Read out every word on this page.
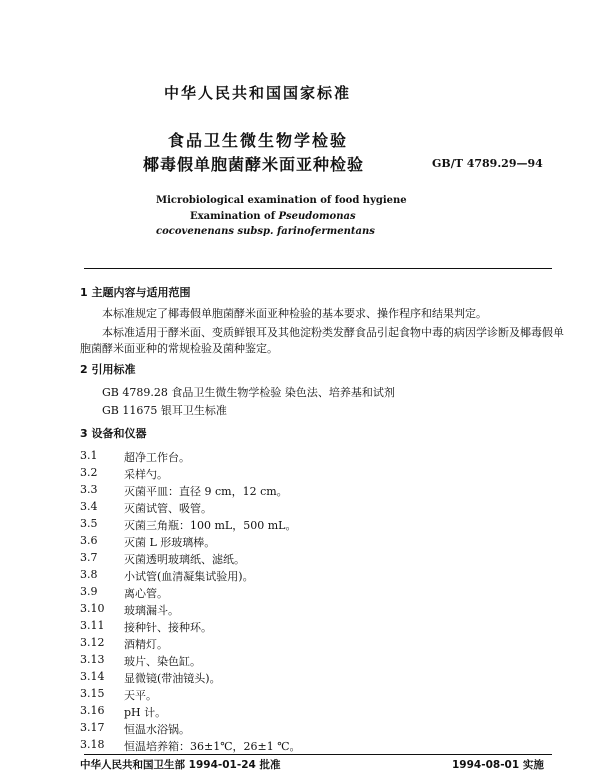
中华人民共和国国家标准
食品卫生微生物学检验
椰毒假单胞菌酵米面亚种检验	GB/T 4789.29—94
Microbiological examination of food hygiene
Examination of Pseudomonas
cocovenenans subsp. farinofermentans
1 主题内容与适用范围
本标准规定了椰毒假单胞菌酵米面亚种检验的基本要求、操作程序和结果判定。
本标准适用于酵米面、变质鲜银耳及其他淀粉类发酵食品引起食物中毒的病因学诊断及椰毒假单
胞菌酵米面亚种的常规检验及菌种鉴定。
2 引用标准
GB 4789.28 食品卫生微生物学检验 染色法、培养基和试剂
GB 11675 银耳卫生标准
3 设备和仪器
3.1 超净工作台。
3.2 采样勺。
3.3 灭菌平皿：直径 9 cm，12 cm。
3.4 灭菌试管、吸管。
3.5 灭菌三角瓶：100 mL，500 mL。
3.6 灭菌 L 形玻璃棒。
3.7 灭菌透明玻璃纸、滤纸。
3.8 小试管(血清凝集试验用)。
3.9 离心管。
3.10 玻璃漏斗。
3.11 接种针、接种环。
3.12 酒精灯。
3.13 玻片、染色缸。
3.14 显微镜(带油镜头)。
3.15 天平。
3.16 pH 计。
3.17 恒温水浴锅。
3.18 恒温培养箱：36±1℃，26±1 ℃。
中华人民共和国卫生部 1994-01-24 批准	1994-08-01 实施
